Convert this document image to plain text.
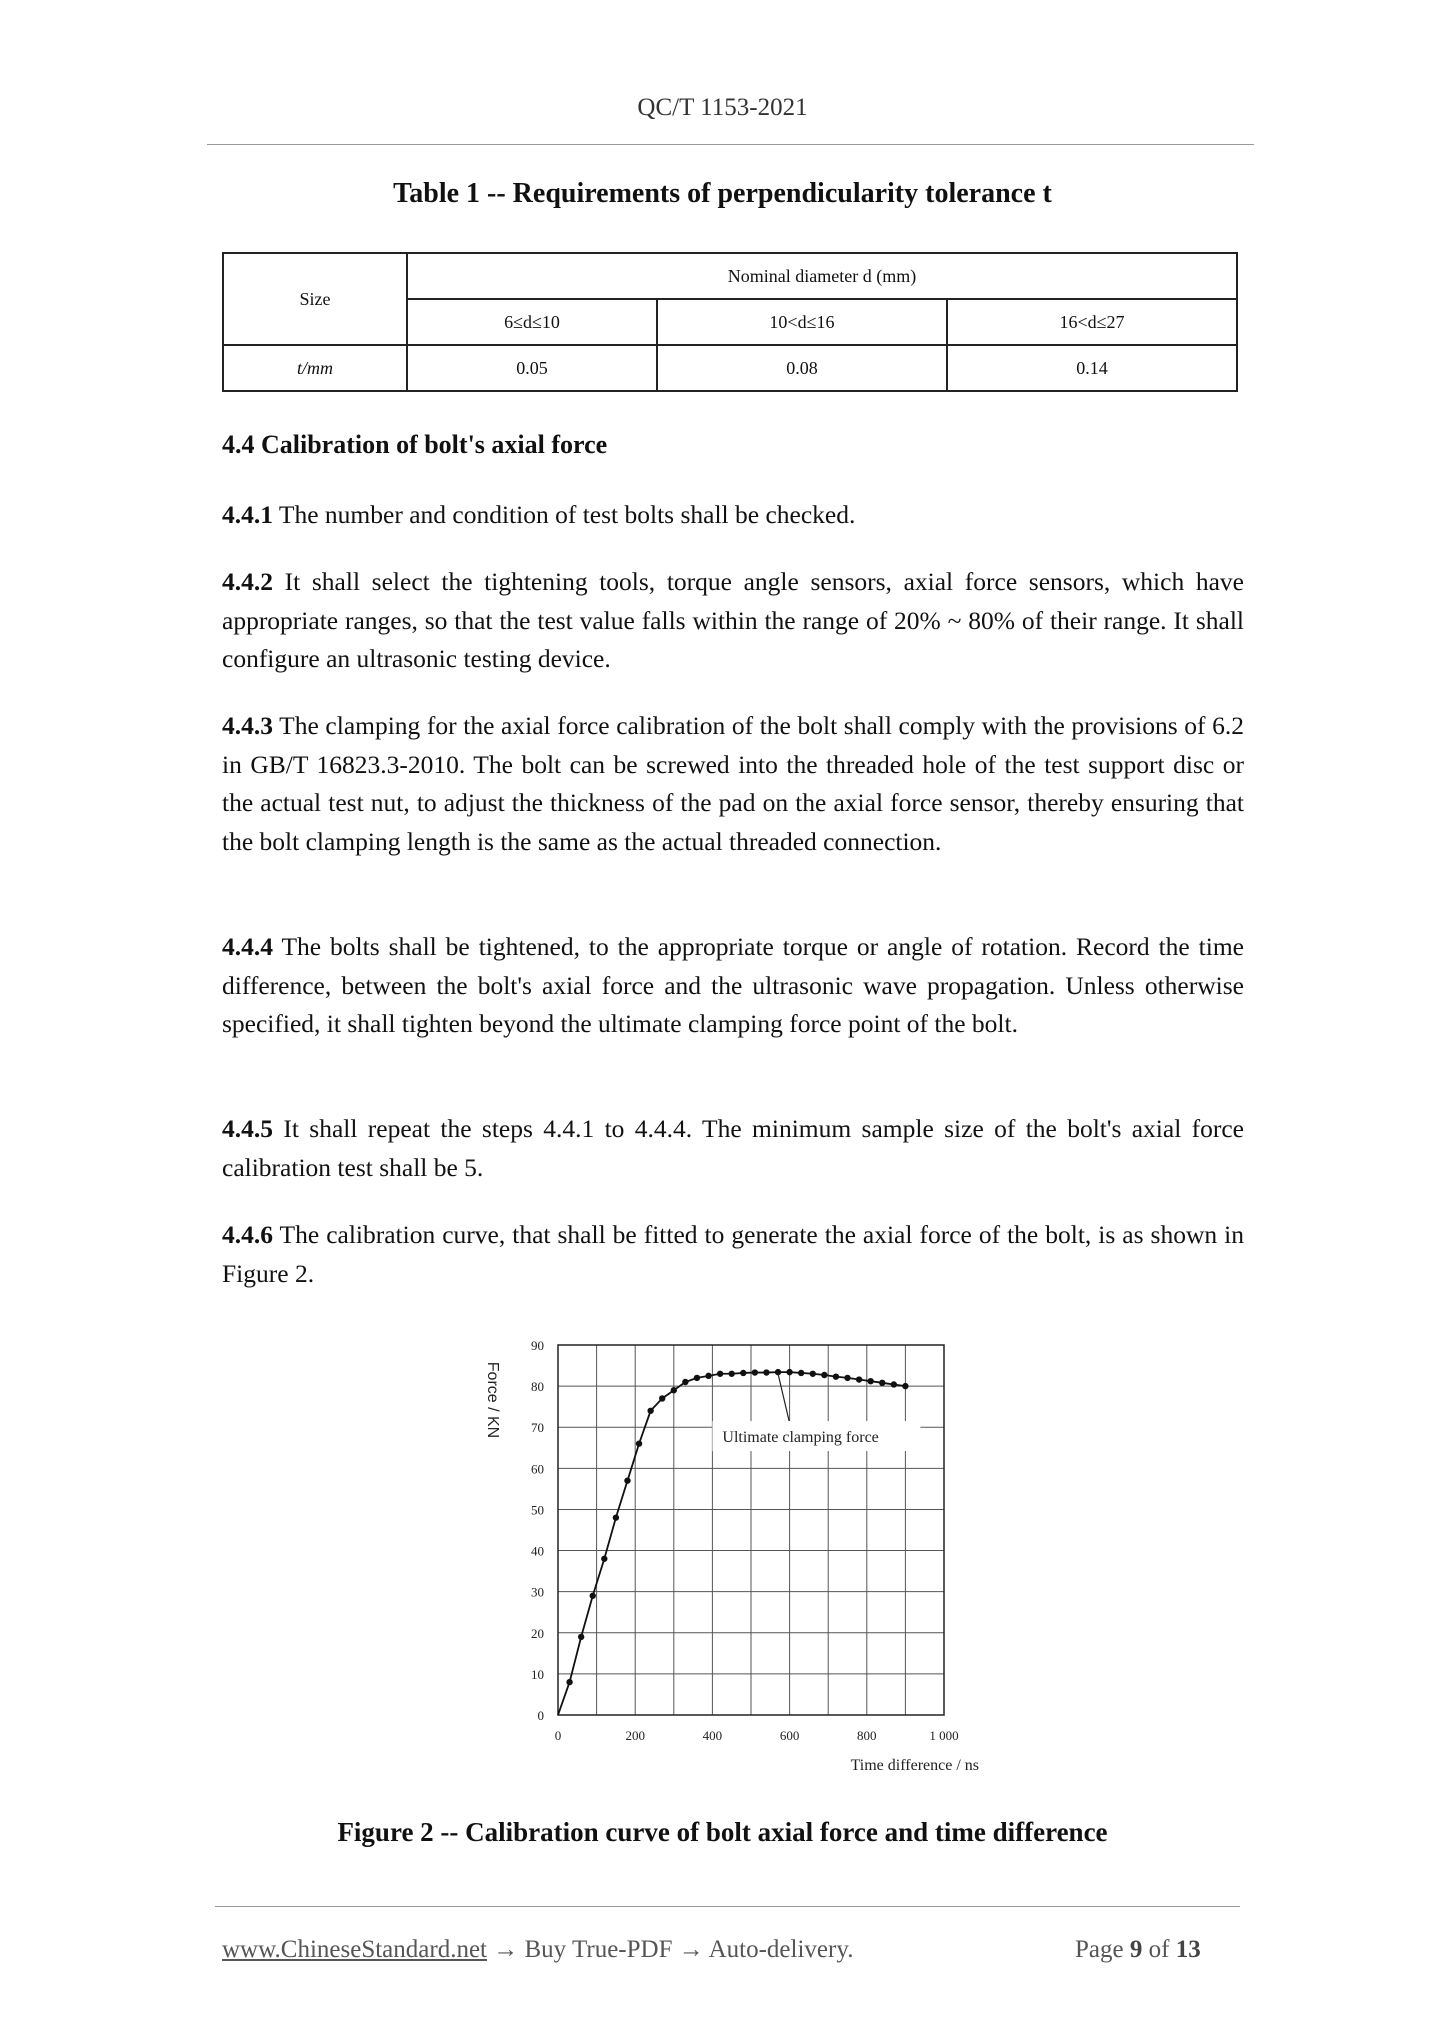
QC/T 1153-2021
Table 1 -- Requirements of perpendicularity tolerance t
Size	Nominal diameter d (mm)		
	6≤d≤10	10<d≤16	16<d≤27
t/mm	0.05	0.08	0.14
4.4 Calibration of bolt's axial force
4.4.1 The number and condition of test bolts shall be checked.
4.4.2 It shall select the tightening tools, torque angle sensors, axial force sensors, which have appropriate ranges, so that the test value falls within the range of 20% ~ 80% of their range. It shall configure an ultrasonic testing device.
4.4.3 The clamping for the axial force calibration of the bolt shall comply with the provisions of 6.2 in GB/T 16823.3-2010. The bolt can be screwed into the threaded hole of the test support disc or the actual test nut, to adjust the thickness of the pad on the axial force sensor, thereby ensuring that the bolt clamping length is the same as the actual threaded connection.
4.4.4 The bolts shall be tightened, to the appropriate torque or angle of rotation. Record the time difference, between the bolt's axial force and the ultrasonic wave propagation. Unless otherwise specified, it shall tighten beyond the ultimate clamping force point of the bolt.
4.4.5 It shall repeat the steps 4.4.1 to 4.4.4. The minimum sample size of the bolt's axial force calibration test shall be 5.
4.4.6 The calibration curve, that shall be fitted to generate the axial force of the bolt, is as shown in Figure 2.
0
10
20
30
40
50
60
70
80
90
0	200	400	600	800	1 000
Time difference / ns
Force / KN	Ultimate clamping force
Figure 2 -- Calibration curve of bolt axial force and time difference
www.ChineseStandard.net → Buy True-PDF → Auto-delivery.	Page 9 of 13
